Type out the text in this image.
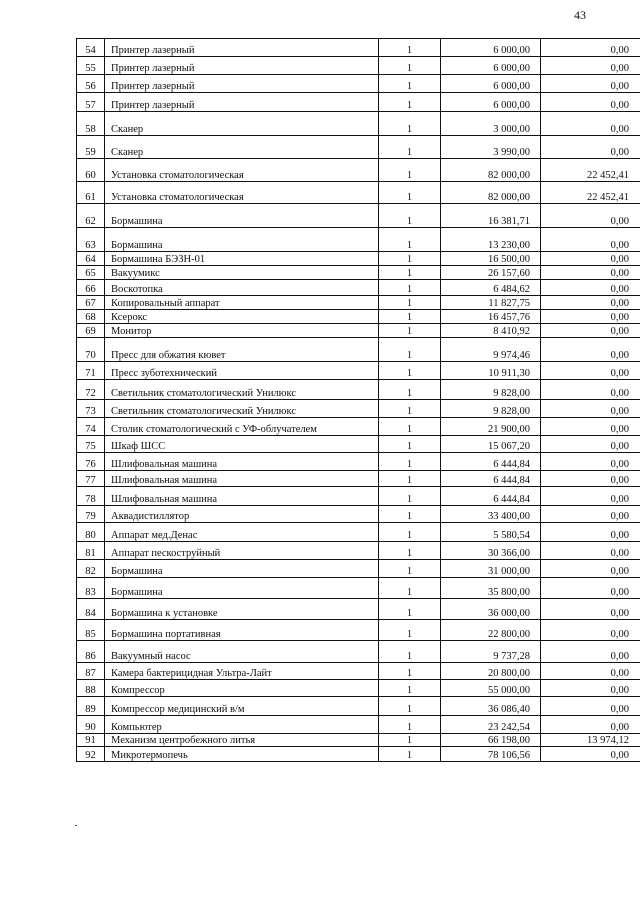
43
54	Принтер лазерный	1	6 000,00	0,00
55	Принтер лазерный	1	6 000,00	0,00
56	Принтер лазерный	1	6 000,00	0,00
57	Принтер лазерный	1	6 000,00	0,00
58	Сканер	1	3 000,00	0,00
59	Сканер	1	3 990,00	0,00
60	Установка стоматологическая	1	82 000,00	22 452,41
61	Установка стоматологическая	1	82 000,00	22 452,41
62	Бормашина	1	16 381,71	0,00
63	Бормашина	1	13 230,00	0,00
64	Бормашина БЭЗН-01	1	16 500,00	0,00
65	Вакуумикс	1	26 157,60	0,00
66	Воскотопка	1	6 484,62	0,00
67	Копировальный аппарат	1	11 827,75	0,00
68	Ксерокс	1	16 457,76	0,00
69	Монитор	1	8 410,92	0,00
70	Пресс для обжатия кювет	1	9 974,46	0,00
71	Пресс зуботехнический	1	10 911,30	0,00
72	Светильник стоматологический Унилюкс	1	9 828,00	0,00
73	Светильник стоматологический Унилюкс	1	9 828,00	0,00
74	Столик стоматологический с УФ-облучателем	1	21 900,00	0,00
75	Шкаф ШСС	1	15 067,20	0,00
76	Шлифовальная машина	1	6 444,84	0,00
77	Шлифовальная машина	1	6 444,84	0,00
78	Шлифовальная машина	1	6 444,84	0,00
79	Аквадистиллятор	1	33 400,00	0,00
80	Аппарат мед.Денас	1	5 580,54	0,00
81	Аппарат пескоструйный	1	30 366,00	0,00
82	Бормашина	1	31 000,00	0,00
83	Бормашина	1	35 800,00	0,00
84	Бормашина к установке	1	36 000,00	0,00
85	Бормашина портативная	1	22 800,00	0,00
86	Вакуумный насос	1	9 737,28	0,00
87	Камера бактерицидная Ультра-Лайт	1	20 800,00	0,00
88	Компрессор	1	55 000,00	0,00
89	Компрессор медицинский в/м	1	36 086,40	0,00
90	Компьютер	1	23 242,54	0,00
91	Механизм центробежного литья	1	66 198,00	13 974,12
92	Микротермопечь	1	78 106,56	0,00
